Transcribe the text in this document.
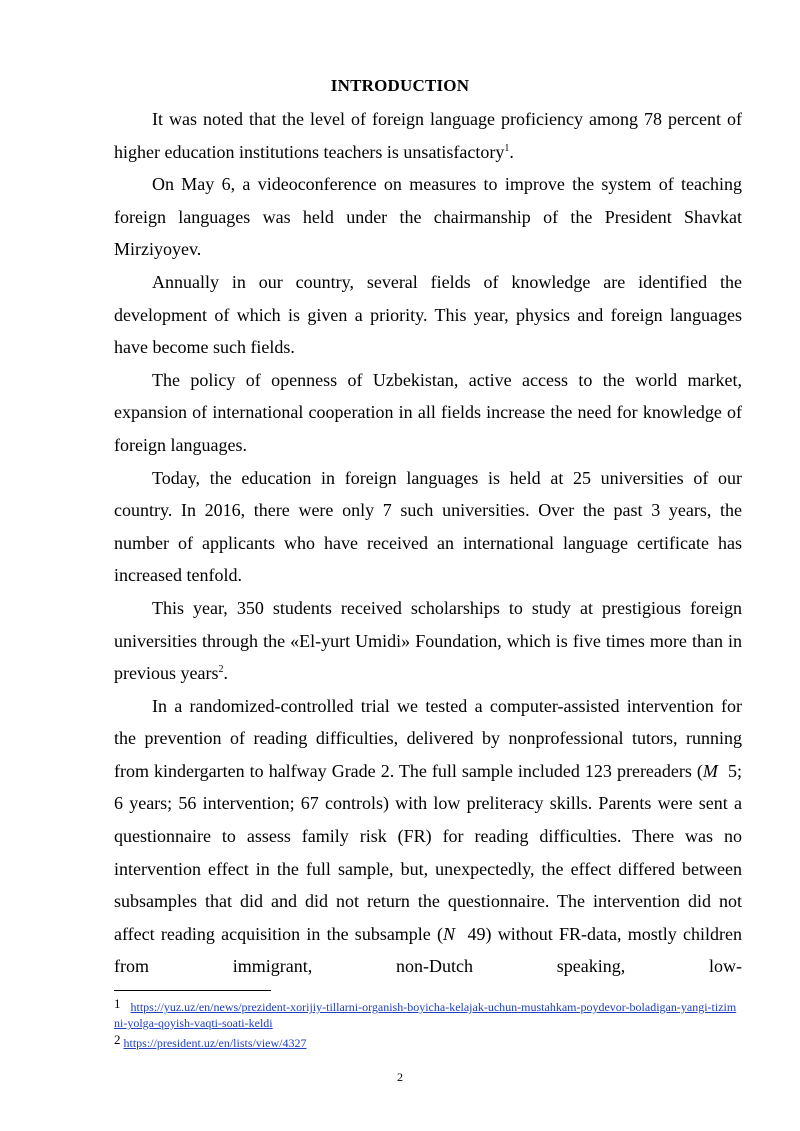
INTRODUCTION

It was noted that the level of foreign language proficiency among 78 percent of higher education institutions teachers is unsatisfactory$^1$.

On May 6, a videoconference on measures to improve the system of teaching foreign languages was held under the chairmanship of the President Shavkat Mirziyoyev.

Annually in our country, several fields of knowledge are identified the development of which is given a priority. This year, physics and foreign languages have become such fields.

The policy of openness of Uzbekistan, active access to the world market, expansion of international cooperation in all fields increase the need for knowledge of foreign languages.

Today, the education in foreign languages is held at 25 universities of our country. In 2016, there were only 7 such universities. Over the past 3 years, the number of applicants who have received an international language certificate has increased tenfold.

This year, 350 students received scholarships to study at prestigious foreign universities through the «El-yurt Umidi» Foundation, which is five times more than in previous years$^2$.

In a randomized-controlled trial we tested a computer-assisted intervention for the prevention of reading difficulties, delivered by nonprofessional tutors, running from kindergarten to halfway Grade 2. The full sample included 123 prereaders (M  5; 6 years; 56 intervention; 67 controls) with low preliteracy skills. Parents were sent a questionnaire to assess family risk (FR) for reading difficulties. There was no intervention effect in the full sample, but, unexpectedly, the effect differed between subsamples that did and did not return the questionnaire. The intervention did not affect reading acquisition in the subsample (N  49) without FR-data, mostly children from immigrant, non-Dutch speaking, low-

1 https://yuz.uz/en/news/prezident-xorijiy-tillarni-organish-boyicha-kelajak-uchun-mustahkam-poydevor-boladigan-yangi-tizimni-yolga-qoyish-vaqti-soati-keldi

2 https://president.uz/en/lists/view/4327

2
